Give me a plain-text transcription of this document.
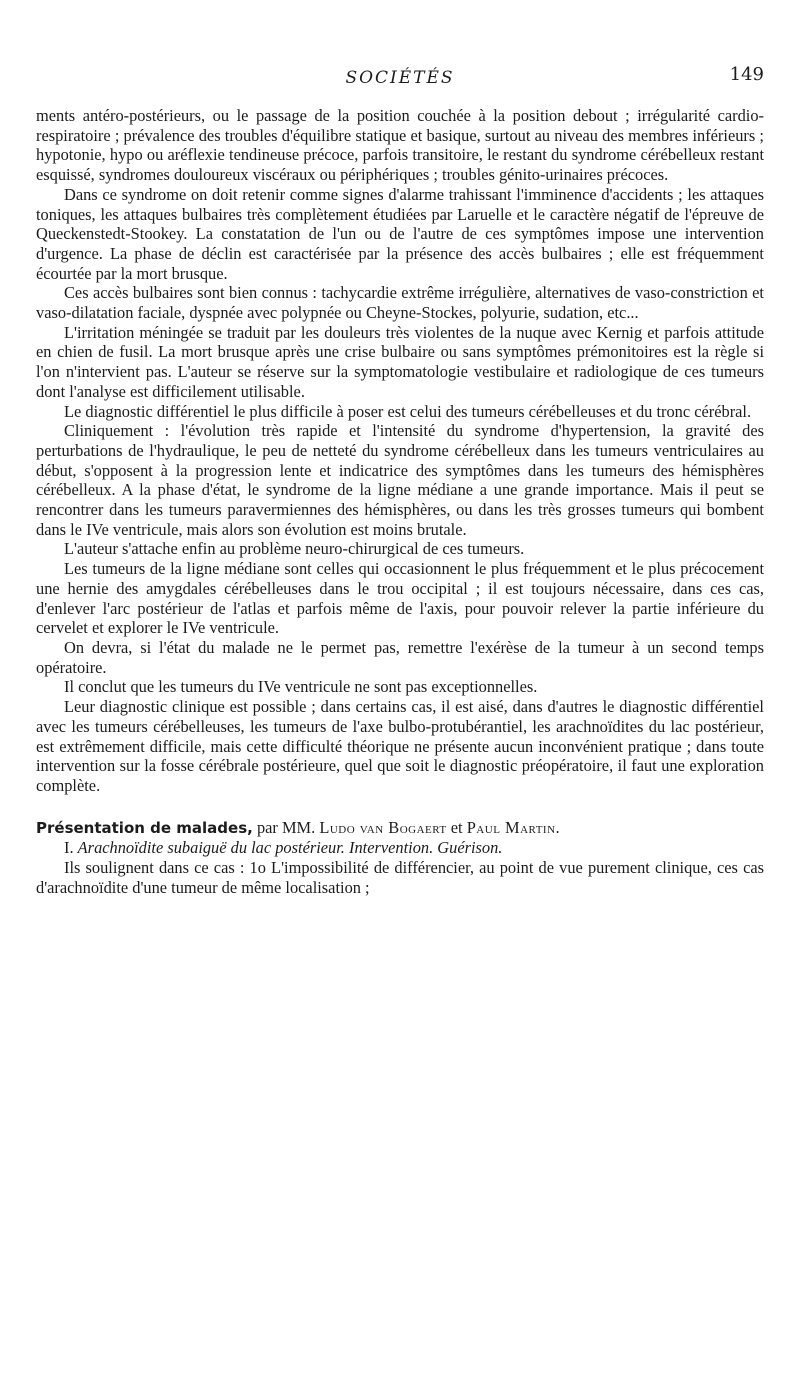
SOCIÉTÉS	149

ments antéro-postérieurs, ou le passage de la position couchée à la position debout ; irrégularité cardio-respiratoire ; prévalence des troubles d'équilibre statique et basique, surtout au niveau des membres inférieurs ; hypotonie, hypo ou aréflexie tendineuse précoce, parfois transitoire, le restant du syndrome cérébelleux restant esquissé, syndromes douloureux viscéraux ou périphériques ; troubles génito-urinaires précoces.

Dans ce syndrome on doit retenir comme signes d'alarme trahissant l'imminence d'accidents ; les attaques toniques, les attaques bulbaires très complètement étudiées par Laruelle et le caractère négatif de l'épreuve de Queckenstedt-Stookey. La constatation de l'un ou de l'autre de ces symptômes impose une intervention d'urgence. La phase de déclin est caractérisée par la présence des accès bulbaires ; elle est fréquemment écourtée par la mort brusque.

Ces accès bulbaires sont bien connus : tachycardie extrême irrégulière, alternatives de vaso-constriction et vaso-dilatation faciale, dyspnée avec polypnée ou Cheyne-Stockes, polyurie, sudation, etc...

L'irritation méningée se traduit par les douleurs très violentes de la nuque avec Kernig et parfois attitude en chien de fusil. La mort brusque après une crise bulbaire ou sans symptômes prémonitoires est la règle si l'on n'intervient pas. L'auteur se réserve sur la symptomatologie vestibulaire et radiologique de ces tumeurs dont l'analyse est difficilement utilisable.

Le diagnostic différentiel le plus difficile à poser est celui des tumeurs cérébelleuses et du tronc cérébral.

Cliniquement : l'évolution très rapide et l'intensité du syndrome d'hypertension, la gravité des perturbations de l'hydraulique, le peu de netteté du syndrome cérébelleux dans les tumeurs ventriculaires au début, s'opposent à la progression lente et indicatrice des symptômes dans les tumeurs des hémisphères cérébelleux. A la phase d'état, le syndrome de la ligne médiane a une grande importance. Mais il peut se rencontrer dans les tumeurs paravermiennes des hémisphères, ou dans les très grosses tumeurs qui bombent dans le IVe ventricule, mais alors son évolution est moins brutale.

L'auteur s'attache enfin au problème neuro-chirurgical de ces tumeurs.

Les tumeurs de la ligne médiane sont celles qui occasionnent le plus fréquemment et le plus précocement une hernie des amygdales cérébelleuses dans le trou occipital ; il est toujours nécessaire, dans ces cas, d'enlever l'arc postérieur de l'atlas et parfois même de l'axis, pour pouvoir relever la partie inférieure du cervelet et explorer le IVe ventricule.

On devra, si l'état du malade ne le permet pas, remettre l'exérèse de la tumeur à un second temps opératoire.

Il conclut que les tumeurs du IVe ventricule ne sont pas exceptionnelles.

Leur diagnostic clinique est possible ; dans certains cas, il est aisé, dans d'autres le diagnostic différentiel avec les tumeurs cérébelleuses, les tumeurs de l'axe bulbo-protubérantiel, les arachnoïdites du lac postérieur, est extrêmement difficile, mais cette difficulté théorique ne présente aucun inconvénient pratique ; dans toute intervention sur la fosse cérébrale postérieure, quel que soit le diagnostic préopératoire, il faut une exploration complète.

Présentation de malades, par MM. Ludo van Bogaert et Paul Martin.

I. Arachnoïdite subaiguë du lac postérieur. Intervention. Guérison.

Ils soulignent dans ce cas : 1o L'impossibilité de différencier, au point de vue purement clinique, ces cas d'arachnoïdite d'une tumeur de même localisation ;
